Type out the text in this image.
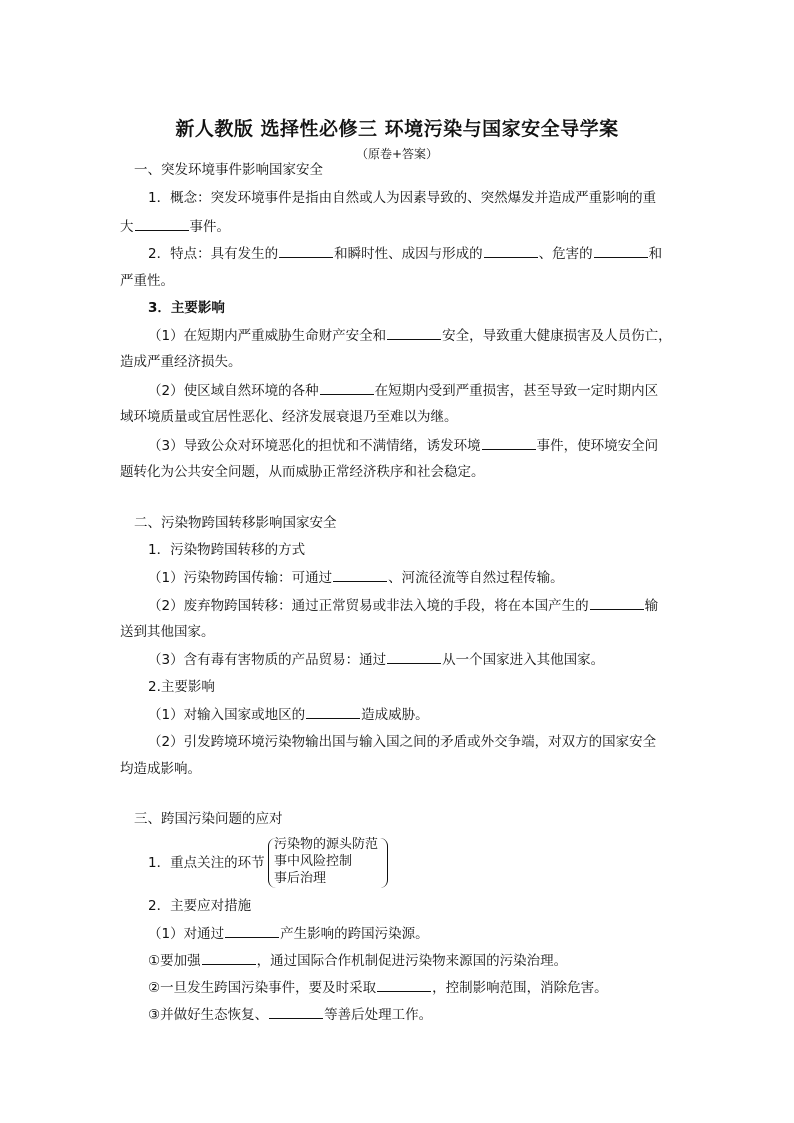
新人教版 选择性必修三 环境污染与国家安全导学案
（原卷+答案）
一、突发环境事件影响国家安全
1．概念：突发环境事件是指由自然或人为因素导致的、突然爆发并造成严重影响的重
大	事件。
2．特点：具有发生的	和瞬时性、成因与形成的	、危害的	和
严重性。
3．主要影响
（1）在短期内严重威胁生命财产安全和	安全，导致重大健康损害及人员伤亡，
造成严重经济损失。
（2）使区域自然环境的各种	在短期内受到严重损害，甚至导致一定时期内区
域环境质量或宜居性恶化、经济发展衰退乃至难以为继。
（3）导致公众对环境恶化的担忧和不满情绪，诱发环境	事件，使环境安全问
题转化为公共安全问题，从而威胁正常经济秩序和社会稳定。
二、污染物跨国转移影响国家安全
1．污染物跨国转移的方式
（1）污染物跨国传输：可通过	、河流径流等自然过程传输。
（2）废弃物跨国转移：通过正常贸易或非法入境的手段，将在本国产生的	输
送到其他国家。
（3）含有毒有害物质的产品贸易：通过	从一个国家进入其他国家。
2.主要影响
（1）对输入国家或地区的	造成威胁。
（2）引发跨境环境污染物输出国与输入国之间的矛盾或外交争端，对双方的国家安全
均造成影响。
三、跨国污染问题的应对
1．重点关注的环节
污染物的源头防范
事中风险控制
事后治理
2．主要应对措施
（1）对通过	产生影响的跨国污染源。
①要加强	，通过国际合作机制促进污染物来源国的污染治理。
②一旦发生跨国污染事件，要及时采取	，控制影响范围，消除危害。
③并做好生态恢复、	等善后处理工作。
